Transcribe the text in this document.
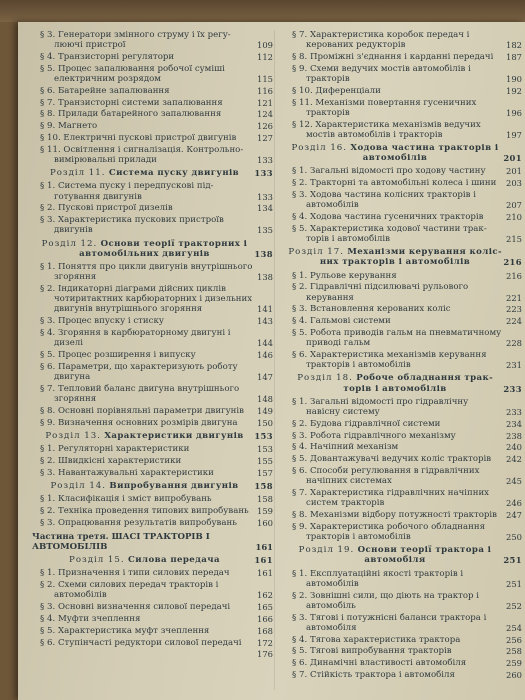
§ 3. Генератори змінного струму і їх регулюючі пристрої	109
§ 4. Транзисторні регулятори	112
§ 5. Процес запалювання робочої суміші електричним розрядом	115
§ 6. Батарейне запалювання	116
§ 7. Транзисторні системи запалювання	121
§ 8. Прилади батарейного запалювання	124
§ 9. Магнето	126
§ 10. Електричні пускові пристрої двигунів 127
§ 11. Освітлення і сигналізація. Контрольно-вимірювальні прилади	133
Розділ 11. Система пуску двигунів 133
§ 1. Система пуску і передпускові підготування двигунів	133
§ 2. Пускові пристрої дизелів	134
§ 3. Характеристика пускових пристроїв двигунів	135
Розділ 12. Основи теорії тракторних і автомобільних двигунів	138
§ 1. Поняття про цикли двигунів внутрішнього згоряння	138
§ 2. Індикаторні діаграми дійсних циклів чотиритактних карбюраторних і дизельних двигунів внутрішнього згоряння	141
§ 3. Процес впуску і стиску	143
§ 4. Згоряння в карбюраторному двигуні і дизелі	144
§ 5. Процес розширення і випуску	146
§ 6. Параметри, що характеризують роботу двигуна	147
§ 7. Тепловий баланс двигуна внутрішнього згоряння	148
§ 8. Основні порівняльні параметри двигунів 149
§ 9. Визначення основних розмірів двигуна 150
Розділ 13. Характеристики двигунів 153
§ 1. Регуляторні характеристики	153
§ 2. Швидкісні характеристики	155
§ 3. Навантажувальні характеристики	157
Розділ 14. Випробування двигунів 158
§ 1. Класифікація і зміст випробувань	158
§ 2. Техніка проведення типових випробувань 159
§ 3. Опрацювання результатів випробувань 160
Частина третя. ШАСІ ТРАКТОРІВ І АВТОМОБІЛІВ	161
Розділ 15. Силова передача	161
§ 1. Призначення і типи силових передач	161
§ 2. Схеми силових передач тракторів і автомобілів	162
§ 3. Основні визначення силової передачі	165
§ 4. Муфти зчеплення	166
§ 5. Характеристика муфт зчеплення	168
§ 6. Ступінчасті редуктори силової передачі 172
176
§ 7. Характеристика коробок передач і керованих редукторів	182
§ 8. Проміжні з'єднання і карданні передачі 187
§ 9. Схеми ведучих мостів автомобілів і тракторів	190
§ 10. Диференціали	192
§ 11. Механізми повертання гусеничних тракторів	196
§ 12. Характеристика механізмів ведучих мостів автомобілів і тракторів	197
Розділ 16. Ходова частина тракторів і автомобілів	201
§ 1. Загальні відомості про ходову частину 201
§ 2. Тракторні та автомобільні колеса і шини 203
§ 3. Ходова частина колісних тракторів і автомобілів	207
§ 4. Ходова частина гусеничних тракторів	210
§ 5. Характеристика ходової частини тракторів і автомобілів	215
Розділ 17. Механізми керування колісних тракторів і автомобілів	216
§ 1. Рульове керування	216
§ 2. Гідравлічні підсилювачі рульового керування	221
§ 3. Встановлення керованих коліс	223
§ 4. Гальмові системи	224
§ 5. Робота приводів гальм на пневматичному приводі гальм	228
§ 6. Характеристика механізмів керування тракторів і автомобілів	231
Розділ 18. Робоче обладнання тракторів і автомобілів	233
§ 1. Загальні відомості про гідравлічну навісну систему	233
§ 2. Будова гідравлічної системи	234
§ 3. Робота гідравлічного механізму	238
§ 4. Начіпний механізм	240
§ 5. Довантажувачі ведучих коліс тракторів 242
§ 6. Способи регулювання в гідравлічних начіпних системах	245
§ 7. Характеристика гідравлічних начіпних систем тракторів	246
§ 8. Механізми відбору потужності тракторів 247
§ 9. Характеристика робочого обладнання тракторів і автомобілів	250
Розділ 19. Основи теорії трактора і автомобіля	251
§ 1. Експлуатаційні якості тракторів і автомобілів	251
§ 2. Зовнішні сили, що діють на трактор і автомобіль	252
§ 3. Тягові і потужнісні баланси трактора і автомобіля	254
§ 4. Тягова характеристика трактора	256
§ 5. Тягові випробування тракторів	258
§ 6. Динамічні властивості автомобіля	259
§ 7. Стійкість трактора і автомобіля	260
